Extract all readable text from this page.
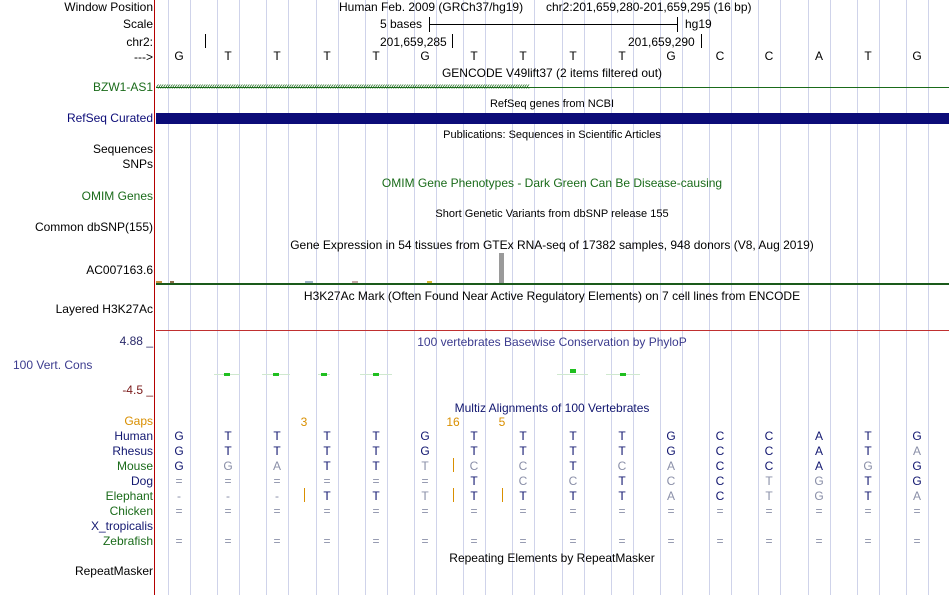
Window Position	Human Feb. 2009 (GRCh37/hg19) chr2:201,659,280-201,659,295 (16 bp)
Scale	5 bases	hg19
chr2:	201,659,285	201,659,290
--->	G	T	T	T	T	G	T	T	T	T	G	C	C	A	T	G
GENCODE V49lift37 (2 items filtered out)
BZW1-AS1 ‹‹‹‹‹‹‹‹‹‹‹‹‹‹‹‹‹‹‹‹‹‹‹‹‹‹‹‹‹‹‹‹‹‹‹‹‹‹‹‹‹‹‹‹‹‹‹‹‹‹‹‹‹‹‹‹‹‹‹‹‹‹‹‹‹‹‹‹‹‹‹‹‹‹‹‹‹‹‹‹‹‹‹‹‹‹‹‹‹‹‹‹‹‹‹‹‹‹‹‹‹‹‹‹‹‹‹‹‹‹‹‹‹‹‹‹‹‹‹‹‹‹‹‹‹‹‹‹‹‹‹‹‹‹‹‹‹‹‹‹‹‹‹‹‹‹‹‹‹‹‹‹‹‹‹‹‹‹‹‹
RefSeq genes from NCBI
RefSeq Curated
Publications: Sequences in Scientific Articles
Sequences
SNPs
OMIM Gene Phenotypes - Dark Green Can Be Disease-causing
OMIM Genes
Short Genetic Variants from dbSNP release 155
Common dbSNP(155)
Gene Expression in 54 tissues from GTEx RNA-seq of 17382 samples, 948 donors (V8, Aug 2019)
AC007163.6
H3K27Ac Mark (Often Found Near Active Regulatory Elements) on 7 cell lines from ENCODE
Layered H3K27Ac
100 vertebrates Basewise Conservation by PhyloP
4.88 _
100 Vert. Cons
-4.5 _
Multiz Alignments of 100 Vertebrates
Gaps	3	16	5
Human	G	T	T	T	T	G	T	T	T	T	G	C	C	A	T	G
Rhesus	G	T	T	T	T	G	T	T	T	T	G	C	C	A	T	A
Mouse	G	G	A	T	T	T	C	C	T	C	A	C	C	A	G	G
Dog	=	=	=	=	=	=	T	C	C	T	C	C	T	G	T	G
Elephant	-	-	-	T	T	T	T	T	T	T	A	C	T	G	T	A
Chicken	=	=	=	=	=	=	=	=	=	=	=	=	=	=	=	=
X_tropicalis
Zebrafish	=	=	=	=	=	=	=	=	=	=	=	=	=	=	=	=
Repeating Elements by RepeatMasker
RepeatMasker
